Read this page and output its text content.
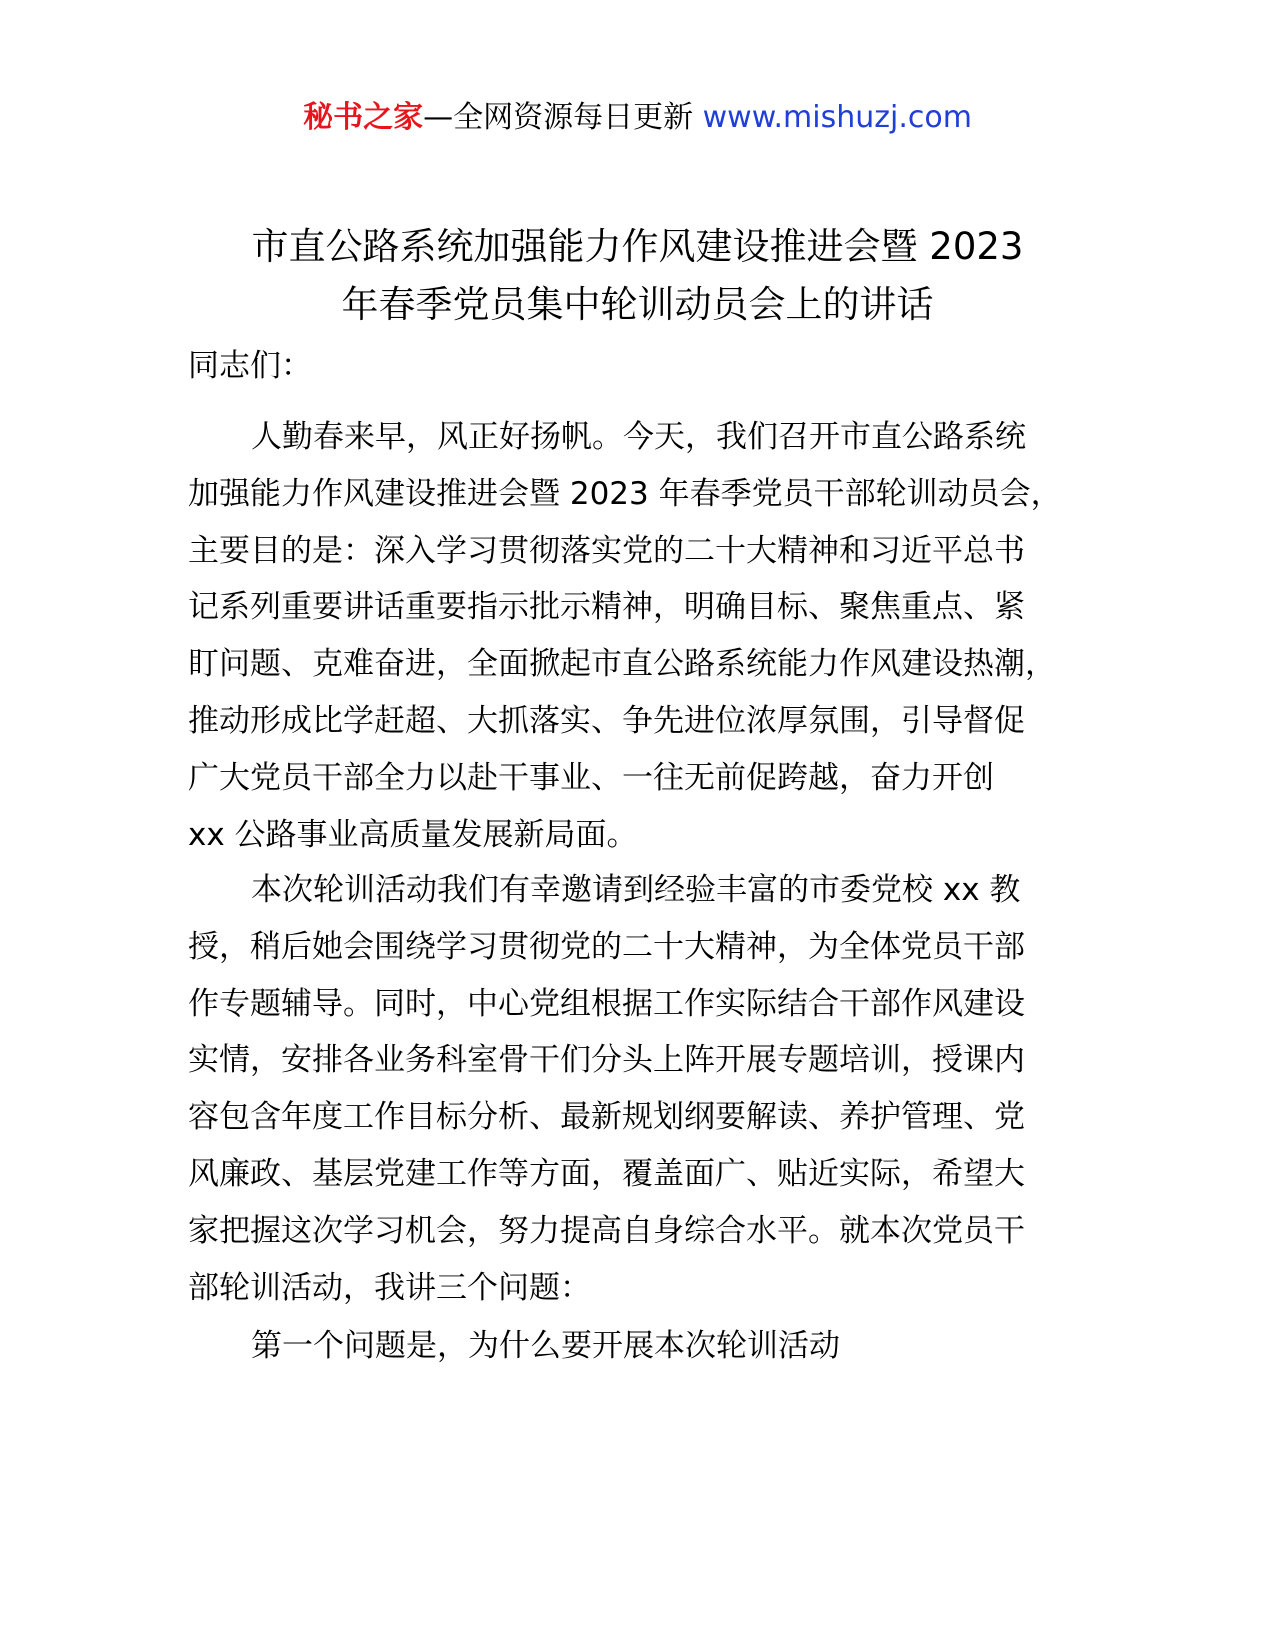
秘书之家—全网资源每日更新 www.mishuzj.com
市直公路系统加强能力作风建设推进会暨 2023
年春季党员集中轮训动员会上的讲话
同志们：
人勤春来早，风正好扬帆。今天，我们召开市直公路系统
加强能力作风建设推进会暨 2023 年春季党员干部轮训动员会，
主要目的是：深入学习贯彻落实党的二十大精神和习近平总书
记系列重要讲话重要指示批示精神，明确目标、聚焦重点、紧
盯问题、克难奋进，全面掀起市直公路系统能力作风建设热潮，
推动形成比学赶超、大抓落实、争先进位浓厚氛围，引导督促
广大党员干部全力以赴干事业、一往无前促跨越，奋力开创
xx 公路事业高质量发展新局面。
本次轮训活动我们有幸邀请到经验丰富的市委党校 xx 教
授，稍后她会围绕学习贯彻党的二十大精神，为全体党员干部
作专题辅导。同时，中心党组根据工作实际结合干部作风建设
实情，安排各业务科室骨干们分头上阵开展专题培训，授课内
容包含年度工作目标分析、最新规划纲要解读、养护管理、党
风廉政、基层党建工作等方面，覆盖面广、贴近实际，希望大
家把握这次学习机会，努力提高自身综合水平。就本次党员干
部轮训活动，我讲三个问题：
第一个问题是，为什么要开展本次轮训活动
